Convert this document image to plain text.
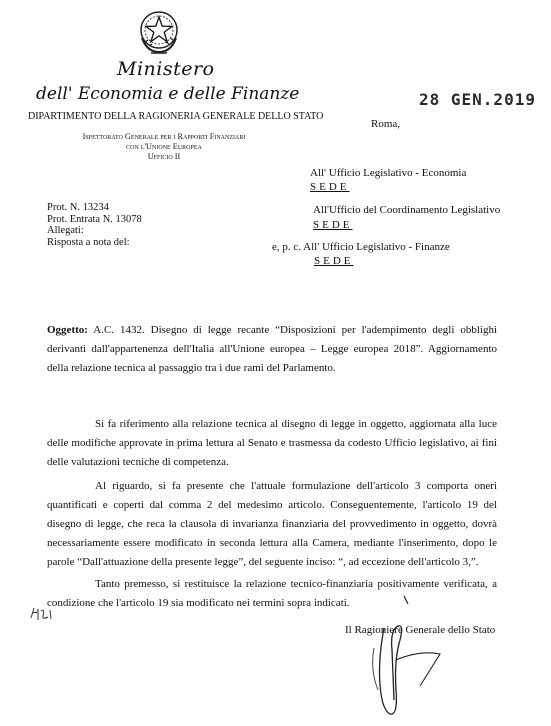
Ministero
dell' Economia e delle Finanze
DIPARTIMENTO DELLA RAGIONERIA GENERALE DELLO STATO
Ispettorato Generale per i Rapporti Finanziari
con l'Unione Europea
Ufficio II
28 GEN.2019
Roma,
All' Ufficio Legislativo - Economia
SEDE
All'Ufficio del Coordinamento Legislativo
SEDE
e, p. c. All' Ufficio Legislativo - Finanze
SEDE
Prot. N. 13234
Prot. Entrata N. 13078
Allegati:
Risposta a nota del:

Oggetto: A.C. 1432. Disegno di legge recante “Disposizioni per l'adempimento degli obblighi derivanti dall'appartenenza dell'Italia all'Unione europea – Legge europea 2018”. Aggiornamento della relazione tecnica al passaggio tra i due rami del Parlamento.

Si fa riferimento alla relazione tecnica al disegno di legge in oggetto, aggiornata alla luce delle modifiche approvate in prima lettura al Senato e trasmessa da codesto Ufficio legislativo, ai fini delle valutazioni tecniche di competenza.

Al riguardo, si fa presente che l'attuale formulazione dell'articolo 3 comporta oneri quantificati e coperti dal comma 2 del medesimo articolo. Conseguentemente, l'articolo 19 del disegno di legge, che reca la clausola di invarianza finanziaria del provvedimento in oggetto, dovrà necessariamente essere modificato in seconda lettura alla Camera, mediante l'inserimento, dopo le parole “Dall'attuazione della presente legge”, del seguente inciso: “, ad eccezione dell'articolo 3,”.

Tanto premesso, si restituisce la relazione tecnico-finanziaria positivamente verificata, a condizione che l'articolo 19 sia modificato nei termini sopra indicati.

Il Ragioniere Generale dello Stato
